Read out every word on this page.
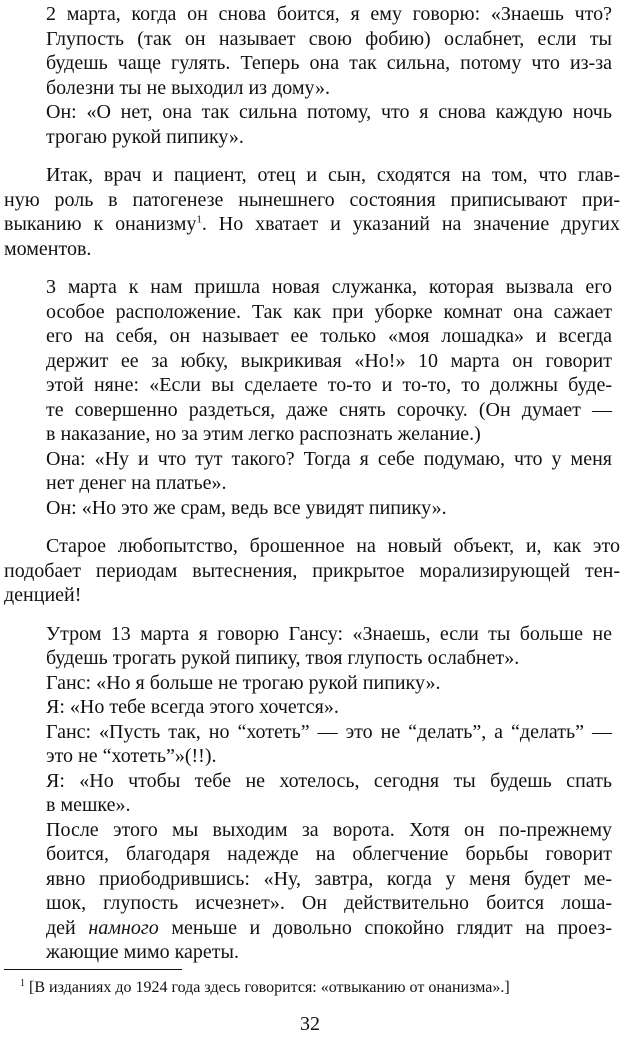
2 марта, когда он снова боится, я ему говорю: «Знаешь что?
Глупость (так он называет свою фобию) ослабнет, если ты
будешь чаще гулять. Теперь она так сильна, потому что из-за
болезни ты не выходил из дому».
Он: «О нет, она так сильна потому, что я снова каждую ночь
трогаю рукой пипику».
Итак, врач и пациент, отец и сын, сходятся на том, что глав-
ную роль в патогенезе нынешнего состояния приписывают при-
выканию к онанизму$^1$. Но хватает и указаний на значение других
моментов.
3 марта к нам пришла новая служанка, которая вызвала его
особое расположение. Так как при уборке комнат она сажает
его на себя, он называет ее только «моя лошадка» и всегда
держит ее за юбку, выкрикивая «Но!» 10 марта он говорит
этой няне: «Если вы сделаете то-то и то-то, то должны буде-
те совершенно раздеться, даже снять сорочку. (Он думает —
в наказание, но за этим легко распознать желание.)
Она: «Ну и что тут такого? Тогда я себе подумаю, что у меня
нет денег на платье».
Он: «Но это же срам, ведь все увидят пипику».
Старое любопытство, брошенное на новый объект, и, как это
подобает периодам вытеснения, прикрытое морализирующей тен-
денцией!
Утром 13 марта я говорю Гансу: «Знаешь, если ты больше не
будешь трогать рукой пипику, твоя глупость ослабнет».
Ганс: «Но я больше не трогаю рукой пипику».
Я: «Но тебе всегда этого хочется».
Ганс: «Пусть так, но “хотеть” — это не “делать”, а “делать” —
это не “хотеть”»(!!).
Я: «Но чтобы тебе не хотелось, сегодня ты будешь спать
в мешке».
После этого мы выходим за ворота. Хотя он по-прежнему
боится, благодаря надежде на облегчение борьбы говорит
явно приободрившись: «Ну, завтра, когда у меня будет ме-
шок, глупость исчезнет». Он действительно боится лоша-
дей намного меньше и довольно спокойно глядит на проез-
жающие мимо кареты.
$^1$ [В изданиях до 1924 года здесь говорится: «отвыканию от онанизма».]
32
